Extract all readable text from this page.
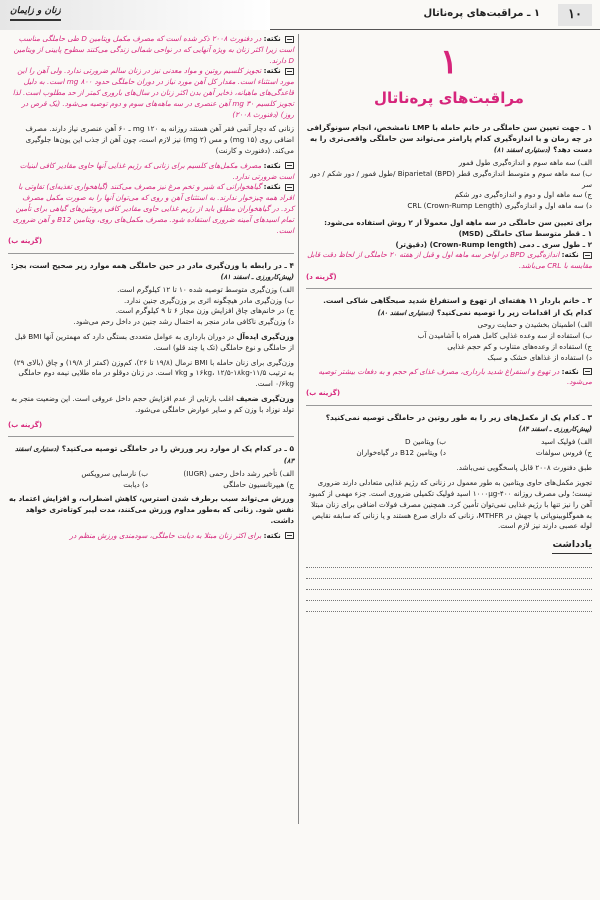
۱۰
۱ ـ مراقبت‌های پره‌ناتال
زنان و زایمان
۱
مراقبت‌های پره‌ناتال
۱ ـ جهت تعیین سن حاملگی در خانم حامله با LMP نامشخص، انجام سونوگرافی در چه زمان و با اندازه‌گیری کدام پارامتر می‌تواند سن حاملگی واقعی‌تری را به دست دهد؟ (دستیاری اسفند ۸۱)
الف) سه ماهه سوم و اندازه‌گیری طول فمور
ب) سه ماهه سوم و متوسط اندازه‌گیری قطر Biparietal (BPD) /طول فمور / دور شکم / دور سر
ج) سه ماهه اول و دوم و اندازه‌گیری دور شکم
د) سه ماهه اول و اندازه‌گیری CRL (Crown-Rump Length)
برای تعیین سن حاملگی در سه ماهه اول معمولاً از ۲ روش استفاده می‌شود:
۱ ـ قطر متوسط ساک حاملگی (MSD)
۲ ـ طول سری ـ دمی (Crown-Rump length) (دقیق‌تر)
نکته: اندازه‌گیری BPD در اواخر سه ماهه اول و قبل از هفته ۲۰ حاملگی از لحاظ دقت قابل مقایسه با CRL می‌باشد.
(گزینه د)
۲ ـ خانم باردار ۱۱ هفته‌ای از تهوع و استفراغ شدید صبحگاهی شاکی است. کدام یک از اقدامات زیر را توصیه نمی‌کنید؟ (دستیاری اسفند ۸۰)
الف) اطمینان بخشیدن و حمایت روحی
ب) استفاده از سه وعده غذایی کامل همراه با آشامیدن آب
ج) استفاده از وعده‌های متناوب و کم حجم غذایی
د) استفاده از غذاهای خشک و سبک
نکته: در تهوع و استفراغ شدید بارداری، مصرف غذای کم حجم و به دفعات بیشتر توصیه می‌شود.
(گزینه ب)
۳ ـ کدام یک از مکمل‌های زیر را به طور روتین در حاملگی توصیه نمی‌کنید؟ (پیش‌کارورزی ـ اسفند ۸۴)
الف) فولیک اسید
ب) ویتامین D
ج) فروس سولفات
د) ویتامین B12 در گیاه‌خواران
طبق دفنورث ۲۰۰۸ قابل پاسخگویی نمی‌باشد.
تجویز مکمل‌های حاوی ویتامین به طور معمول در زنانی که رژیم غذایی متعادلی دارند ضروری نیست؛ ولی مصرف روزانه ۱۰۰۰μg-۴۰۰ اسید فولیک تکمیلی ضروری است. جزء مهمی از کمبود آهن را نیز تنها با رژیم غذایی نمی‌توان تأمین کرد. همچنین مصرف فولات اضافی برای زنان مبتلا به هموگلوبینوپاتی یا جهش در MTHFR، زنانی که دارای صرع هستند و یا زنانی که سابقه نقایص لوله عصبی دارند نیز لازم است.
یادداشت
نکته: در دفنورث ۲۰۰۸ ذکر شده است که مصرف مکمل ویتامین D طی حاملگی مناسب است زیرا اکثر زنان به ویژه آنهایی که در نواحی شمالی زندگی می‌کنند سطوح پایینی از ویتامین D دارند.
نکته: تجویز کلسیم روتین و مواد معدنی نیز در زنان سالم ضرورتی ندارد. ولی آهن را این مورد استثناء است. مقدار کل آهن مورد نیاز در دوران حاملگی حدود ۸۰۰ mg است. به دلیل قاعدگی‌های ماهیانه، ذخایر آهن بدن اکثر زنان در سال‌های باروری کمتر از حد مطلوب است. لذا تجویز کلسیم ۳۰ mg آهن عنصری در سه ماهه‌های سوم و دوم توصیه می‌شود. (یک قرص در روز) (دفنورث ۲۰۰۸)
زنانی که دچار آنمی فقر آهن هستند روزانه به ۱۲۰ mg ـ ۶۰ آهن عنصری نیاز دارند. مصرف اضافی روی (۱۵ mg) و مس (۲ mg) نیز لازم است، چون آهن از جذب این یون‌ها جلوگیری می‌کند. (دفنورث و کارنت)
نکته: مصرف مکمل‌های کلسیم برای زنانی که رژیم غذایی آنها حاوی مقادیر کافی لبنیات است ضرورتی ندارد.
نکته: گیاهخوارانی که شیر و تخم مرغ نیز مصرف می‌کنند (گیاهخواری تغذیه‌ای) تفاوتی با افراد همه چیزخوار ندارند. به استثنای آهن و روی که می‌توان آنها را به صورت مکمل مصرف کرد. در گیاهخواران مطلق باید از رژیم غذایی حاوی مقادیر کافی پروتئین‌های گیاهی برای تأمین تمام اسیدهای آمینه ضروری استفاده شود. مصرف مکمل‌های روی، ویتامین B12 و آهن ضروری است.
(گزینه ب)
۴ ـ در رابطه با وزن‌گیری مادر در حین حاملگی همه موارد زیر صحیح است، بجز: (پیش‌کارورزی ـ اسفند ۸۱)
الف) وزن‌گیری متوسط توصیه شده ۱۰ تا ۱۲ کیلوگرم است.
ب) وزن‌گیری مادر هیچگونه اثری بر وزن‌گیری جنین ندارد.
ج) در خانم‌های چاق افزایش وزن مجاز ۶ تا ۹ کیلوگرم است.
د) وزن‌گیری ناکافی مادر منجر به احتمال رشد جنین در داخل رحم می‌شود.
وزن‌گیری ایده‌آل در دوران بارداری به عوامل متعددی بستگی دارد که مهمترین آنها BMI قبل از حاملگی و نوع حاملگی (تک یا چند قلو) است.
وزن‌گیری برای زنان حامله با BMI نرمال (۱۹/۸ تا ۲۶)، کم‌وزن (کمتر از ۱۹/۸) و چاق (بالای ۲۹) به ترتیب ۱۱/۵-۱۶kg، ۱۲/۵-۱۸kg و ۷kg است. در زنان دوقلو در ماه طلایی نیمه دوم حاملگی ۰/۶kg است.
وزن‌گیری ضعیف اغلب بارتایی از عدم افزایش حجم داخل عروقی است. این وضعیت منجر به تولد نوزاد با وزن کم و سایر عوارض حاملگی می‌شود.
(گزینه ب)
۵ ـ در کدام یک از موارد زیر ورزش را در حاملگی توصیه می‌کنید؟ (دستیاری اسفند ۸۳)
الف) تأخیر رشد داخل رحمی (IUGR)
ب) نارسایی سرویکس
ج) هیپرتانسیون حاملگی
د) دیابت
ورزش می‌تواند سبب برطرف شدن استرس، کاهش اضطراب، و افزایش اعتماد به نفس شود. زنانی که به‌طور مداوم ورزش می‌کنند، مدت لیبر کوتاه‌تری خواهد داشت.
نکته: برای اکثر زنان مبتلا به دیابت حاملگی، سودمندی ورزش منظم در
